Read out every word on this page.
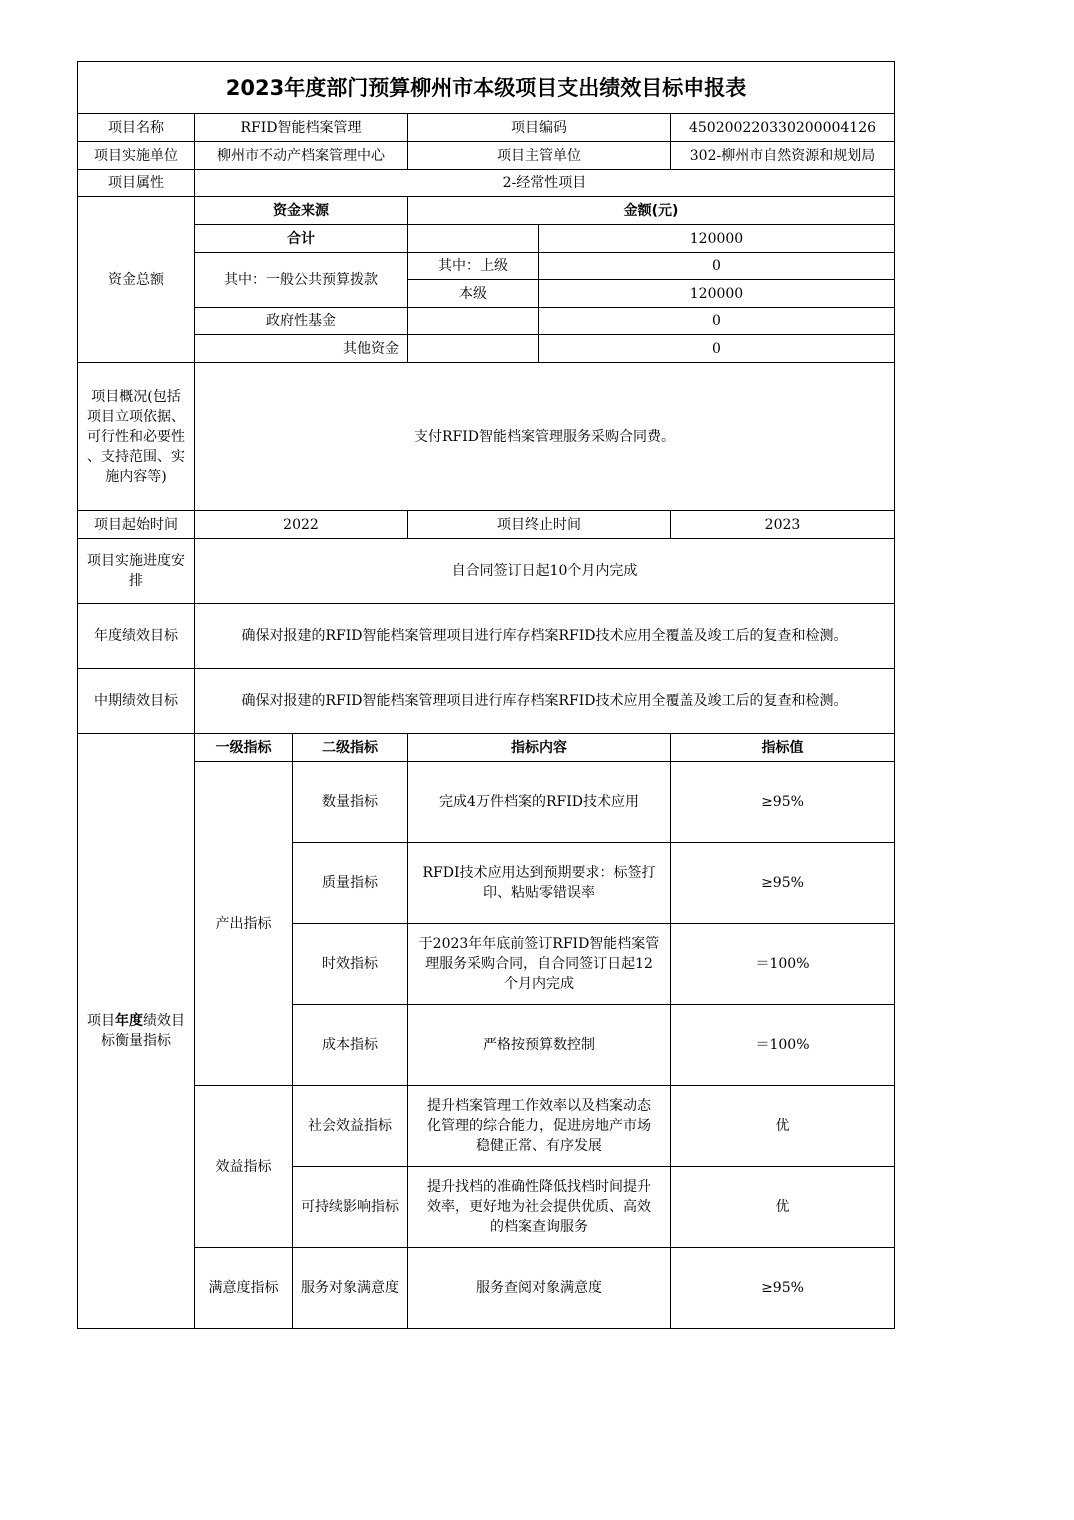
2023年度部门预算柳州市本级项目支出绩效目标申报表					
项目名称	RFID智能档案管理		项目编码		450200220330200004126
项目实施单位	柳州市不动产档案管理中心		项目主管单位		302-柳州市自然资源和规划局
项目属性	2-经常性项目				
资金总额	资金来源		金额(元)		
	合计			120000	
	其中：一般公共预算拨款		其中：上级	0	
			本级	120000	
	政府性基金			0	
	其他资金			0	

项目概况(包括
项目立项依据、
可行性和必要性
、支持范围、实
施内容等)	支付RFID智能档案管理服务采购合同费。				
项目起始时间	2022		项目终止时间		2023

项目实施进度安
排	自合同签订日起10个月内完成				
年度绩效目标	确保对报建的RFID智能档案管理项目进行库存档案RFID技术应用全覆盖及竣工后的复查和检测。				
中期绩效目标	确保对报建的RFID智能档案管理项目进行库存档案RFID技术应用全覆盖及竣工后的复查和检测。				

项目年度绩效目
标衡量指标	一级指标	二级指标	指标内容		指标值
	产出指标	数量指标	完成4万件档案的RFID技术应用		≥95%
		质量指标	RFDI技术应用达到预期要求：标签打
印、粘贴零错误率		≥95%
		时效指标	于2023年年底前签订RFID智能档案管
理服务采购合同，自合同签订日起12
个月内完成		＝100%
		成本指标	严格按预算数控制		＝100%
	效益指标	社会效益指标	提升档案管理工作效率以及档案动态
化管理的综合能力，促进房地产市场
稳健正常、有序发展		优
		可持续影响指标	提升找档的准确性降低找档时间提升
效率，更好地为社会提供优质、高效
的档案查询服务		优
	满意度指标	服务对象满意度	服务查阅对象满意度		≥95%
